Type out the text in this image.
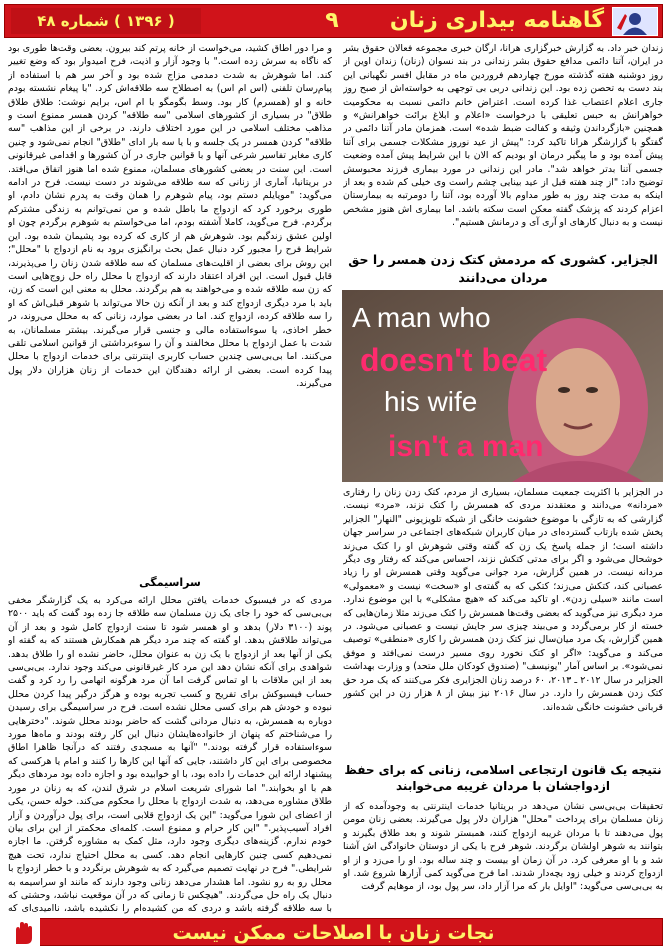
( ۱۳۹۶ ) شماره ۴۸	۹	گاهنامه بیداری زنان
زندان خبر داد. به گزارش خبرگزاری هرانا، ارگان خبری مجموعه فعالان حقوق بشر در ایران، آتنا دائمی مدافع حقوق بشر زندانی در بند نسوان (زنان) زندان اوین از روز دوشنبه هفته گذشته مورخ چهاردهم فروردین ماه در مقابل افسر نگهبانی این بند دست به تحصن زده بود. این زندانی دربی بی توجهی به خواسته‌اش از صبح روز جاری اعلام اعتصاب غذا کرده است. اعتراض خانم دائمی نسبت به محکومیت خواهرانش به حبس تعلیقی با درخواست «اعلام و ابلاغ برائت خواهرانش» و همچنین «بازگرداندن وثیقه و کفالت ضبط شده» است. همزمان مادر آتنا دائمی در گفتگو با گزارشگر هرانا تاکید کرد: "پیش از عید نوروز مشکلات جسمی برای آتنا پیش آمده بود و ما پیگیر درمان او بودیم که الان با این شرایط پیش آمده وضعیت جسمی آتنا بدتر خواهد شد". مادر این زندانی در مورد بیماری فرزند محبوسش توضیح داد: "از چند هفته قبل از عید بینایی چشم راست وی خیلی کم شده و بعد از اینکه به مدت چند روز به طور مداوم بالا آورده بود، آتنا را دومرتبه به بیمارستان اعزام کردند که پزشک گفته معکن است سکته باشد. اما بیماری اش هنوز مشخص نیست و به دنبال کارهای او آری آی و درمانش هستیم".
الجزایر. کشوری که مردمش کتک زدن همسر را حق مردان می‌دانند
A man who
doesn't beat
his wife
isn't a man
در الجزایر با اکثریت جمعیت مسلمان، بسیاری از مردم، کتک زدن زنان را رفتاری «مردانه» می‌دانند و معتقدند مردی که همسرش را کتک نزند، «مرد» نیست. گزارشی که به تازگی با موضوع خشونت خانگی از شبکه تلویزیونی "النهار" الجزایر پخش شده بازتاب گسترده‌ای در میان کاربران شبکه‌های اجتماعی در سراسر جهان داشته است؛ از جمله پاسخ یک زن که گفته وقتی شوهرش او را کتک می‌زند خوشحال می‌شود و اگر برای مدتی کتکش نزند، احساس می‌کند که رفتار وی دیگر مردانه نیست. در همین گزارش، مرد جوانی می‌گوید وقتی همسرش او را زیاد عصبانی کند، کتکش می‌زند؛ کتکی که به گفته‌ی او «سخت» نیست و «معمولی» است مانند «سیلی زدن». او تاکید می‌کند که «هیچ مشکلی» با این موضوع ندارد. مرد دیگری نیز می‌گوید که بعضی وقت‌ها همسرش را کتک می‌زند مثلا زمان‌هایی که خسته از کار برمی‌گردد و می‌بیند چیزی سر جایش نیست و عصبانی می‌شود. در همین گزارش، یک مرد میان‌سال نیز کتک زدن همسرش را کاری «منطقی» توصیف می‌کند و می‌گوید: «اگر او کتک نخورد روی مسیر درست نمی‌افتد و موفق نمی‌شود». بر اساس آمار "یونیسف" (صندوق کودکان ملل متحد) و وزارت بهداشت الجزایر در سال ۲۰۱۲ ـ ۲۰۱۳، ۶۰ درصد زنان الجزایری فکر می‌کنند که یک مرد حق کتک زدن همسرش را دارد. در سال ۲۰۱۶ نیز بیش از ۸ هزار زن در این کشور قربانی خشونت خانگی شده‌اند.
نتیجه یک قانون ارتجاعی اسلامی، زنانی که برای حفظ ازدواجشان با مردان غریبه می‌خوابند
تحقیقات بی‌بی‌سی نشان می‌دهد در بریتانیا خدمات اینترنتی به وجودآمده که از زنان مسلمان برای پرداخت "محلل" هزاران دلار پول می‌گیرند. بعضی زنان مومن پول می‌دهند تا با مردان غریبه ازدواج کنند، همبستر شوند و بعد طلاق بگیرند و بتوانند به شوهر اولشان برگردند. شوهر فرح با یکی از دوستان خانوادگی اش آشنا شد و با او معرفی کرد. در آن زمان او بیست و چند ساله بود. او را می‌زد و از او ازدواج کردند و خیلی زود بچه‌دار شدند. اما فرح می‌گوید کمی آزارها شروع شد. او به بی‌بی‌سی می‌گوید: "اوایل بار که مرا آزار داد، سر پول بود، از موهایم گرفت
و مرا دور اطاق کشید، می‌خواست از خانه پرتم کند بیرون. بعضی وقت‌ها طوری بود که ناگاه به سرش زده است." با وجود آزار و اذیت، فرح امیدوار بود که وضع تغییر کند. اما شوهرش به شدت دمدمی مزاج شده بود و آخر سر هم با استفاده از پیام‌رسان تلفنی (اس ام اس) به اصطلاح سه طلاقه‌اش کرد. "با پیغام نشسته بودم خانه و او (همسرم) کار بود. وسط بگومگو با ام اس، برایم نوشت: طلاق طلاق طلاق" در بسیاری از کشورهای اسلامی "سه طلاقه" کردن همسر ممنوع است و مذاهب مختلف اسلامی در این مورد اختلاف دارند. در برخی از این مذاهب "سه طلاقه" کردن همسر در یک جلسه و با یا سه بار ادای "طلاق" انجام نمی‌شود و چنین کاری مغایر تفاسیر شرعی آنها و با قوانین جاری در آن کشورها و اقدامی غیرقانونی است. این سنت در بعضی کشورهای مسلمان، ممنوع شده اما هنوز اتفاق می‌افتد. در بریتانیا، آماری از زنانی که سه طلاقه می‌شوند در دست نیست. فرح در ادامه می‌گوید: "مویایلم دستم بود، پیام شوهرم را همان وقت به پدرم نشان دادم، او طوری برخورد کرد که ازدواج ما باطل شده و من نمی‌توانم به زندگی مشترکم برگردم. فرح می‌گوید، کاملا آشفته بودم، اما می‌خواستم به شوهرم برگردم چون او اولین عشق زندگیم بود. شوهرش هم از کاری که کرده بود پشیمان شده بود. این شرایط فرح را مجبور کرد دنبال عمل بحث برانگیزی برود به نام ازدواج با "محلل"؛ این روش برای بعضی از اقلیت‌های مسلمان که سه طلاقه شدن زنان را می‌پذیرند، قابل قبول است. این افراد اعتقاد دارند که ازدواج با محلل راه حل زوج‌هایی است که زن سه طلاقه شده و می‌خواهند به هم برگردند. محلل به معنی این است که زن، باید با مرد دیگری ازدواج کند و بعد از آنکه زن حالا می‌تواند با شوهر قبلی‌اش که او را سه طلاقه کرده، ازدواج کند. اما در بعضی موارد، زنانی که به محلل می‌روند، در خطر اخاذی، یا سوءاستفاده مالی و جنسی قرار می‌گیرند. بیشتر مسلمانان، به شدت با عمل ازدواج با محلل مخالفند و آن را سوءبرداشتی از قوانین اسلامی تلقی می‌کنند. اما بی‌بی‌سی چندین حساب کاربری اینترنتی برای خدمات ازدواج با محلل پیدا کرده است. بعضی از ارائه دهندگان این خدمات از زنان هزاران دلار پول می‌گیرند.
سراسیمگی
مردی که در فیسبوک خدمات یافتن محلل ارائه می‌کرد به یک گزارشگر مخفی بی‌بی‌سی که خود را جای یک زن مسلمان سه طلاقه جا زده بود گفت که باید ۲۵۰۰ پوند (۳۱۰۰ دلار) بدهد و او همسر شود تا سنت ازدواج کامل شود و بعد از آن می‌تواند طلاقش بدهد. او گفته که چند مرد دیگر هم همکارش هستند که به گفته او یکی از آنها بعد از ازدواج با یک زن به عنوان محلل، حاضر نشده او را طلاق بدهد. شواهدی برای آنکه نشان دهد این مرد کار غیرقانونی می‌کند وجود ندارد. بی‌بی‌سی بعد از این ملاقات با او تماس گرفت اما آن مرد هرگونه اتهامی را رد کرد و گفت حساب فیسبوکش برای تفریح و کسب تجربه بوده و هرگز درگیر پیدا کردن محلل نبوده و خودش هم برای کسی محلل نشده است. فرح در سراسیمگی برای رسیدن دوباره به همسرش، به دنبال مردانی گشت که حاضر بودند محلل شوند. "دخترهایی را می‌شناختم که پنهان از خانواده‌هایشان دنبال این کار رفته بودند و ماه‌ها مورد سوءاستفاده قرار گرفته بودند." "آنها به مسجدی رفتند که درآنجا ظاهرا اطاق مخصوصی برای این کار داشتند، جایی که آنها این کارها را کنند و امام یا هرکسی که پیشنهاد ارائه این خدمات را داده بود، با او خوابیده بود و اجازه داده بود مردهای دیگر هم با او بخوابند." اما شورای شریعت اسلام در شرق لندن، که به زنان در مورد طلاق مشاوره می‌دهد، به شدت ازدواج با محلل را محکوم می‌کند. خوله حسن، یکی از اعضای این شورا می‌گوید: "این یک ازدواج قلابی است، برای پول درآوردن و آزار افراد آسیب‌پذیر." "این کار حرام و ممنوع است. کلمه‌ای محکمتر از این برای بیان خودم ندارم. گزینه‌های دیگری وجود دارد، مثل کمک به مشاوره گرفتن. ما اجازه نمی‌دهیم کسی چنین کارهایی انجام دهد. کسی به محلل احتیاج ندارد، تحت هیچ شرایطی." فرح در نهایت تصمیم می‌گیرد که به شوهرش برنگردد و با خطر ازدواج با محلل رو به رو نشود. اما هشدار می‌دهد زنانی وجود دارند که مانند او سراسیمه به دنبال یک راه حل می‌گردند. "هیچکس تا زمانی که در آن موقعیت نباشد، وحشتی که با سه طلاقه گرفته باشد و دردی که من کشیده‌ام را نکشیده باشد، ناامیدی‌ای که
نجات زنان با اصلاحات ممکن نیست
